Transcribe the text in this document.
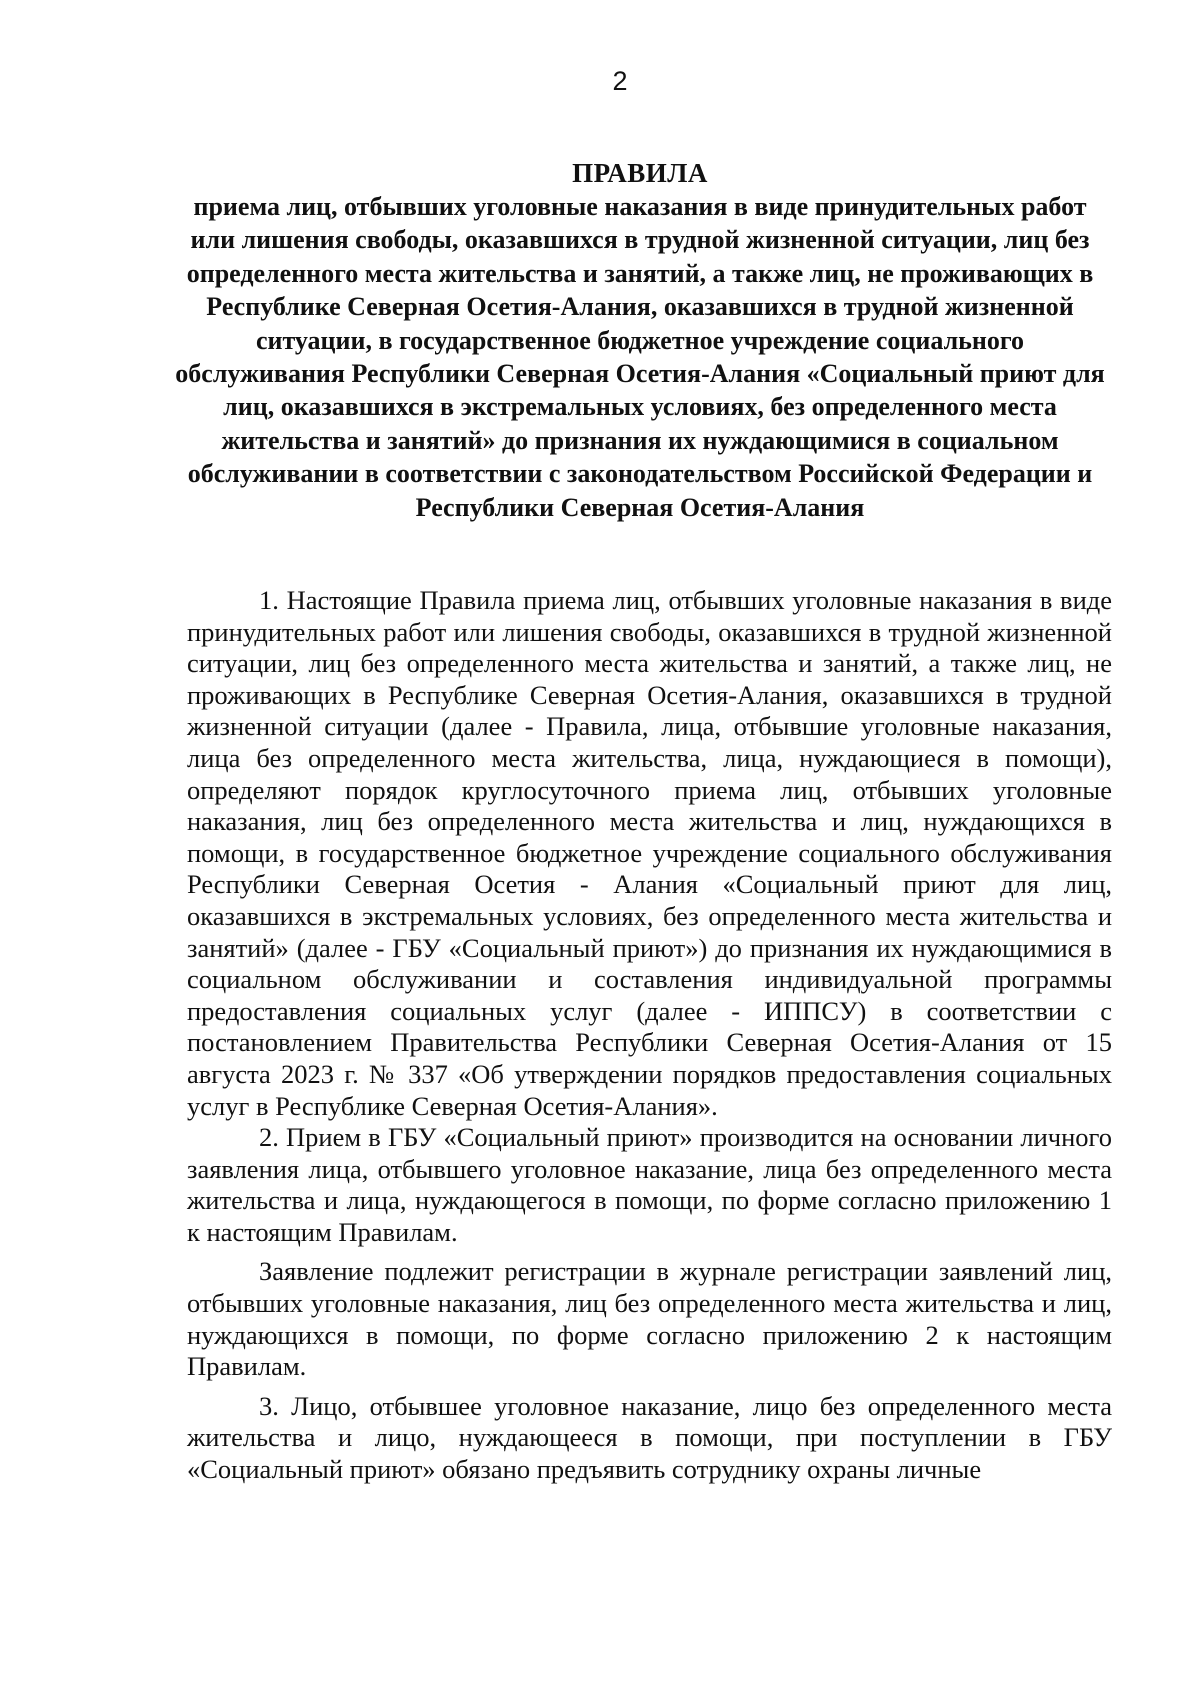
2

ПРАВИЛА

приема лиц, отбывших уголовные наказания в виде принудительных работ или лишения свободы, оказавшихся в трудной жизненной ситуации, лиц без определенного места жительства и занятий, а также лиц, не проживающих в Республике Северная Осетия-Алания, оказавшихся в трудной жизненной ситуации, в государственное бюджетное учреждение социального обслуживания Республики Северная Осетия-Алания «Социальный приют для лиц, оказавшихся в экстремальных условиях, без определенного места жительства и занятий» до признания их нуждающимися в социальном обслуживании в соответствии с законодательством Российской Федерации и Республики Северная Осетия-Алания

1. Настоящие Правила приема лиц, отбывших уголовные наказания в виде принудительных работ или лишения свободы, оказавшихся в трудной жизненной ситуации, лиц без определенного места жительства и занятий, а также лиц, не проживающих в Республике Северная Осетия-Алания, оказавшихся в трудной жизненной ситуации (далее - Правила, лица, отбывшие уголовные наказания, лица без определенного места жительства, лица, нуждающиеся в помощи), определяют порядок круглосуточного приема лиц, отбывших уголовные наказания, лиц без определенного места жительства и лиц, нуждающихся в помощи, в государственное бюджетное учреждение социального обслуживания Республики Северная Осетия - Алания «Социальный приют для лиц, оказавшихся в экстремальных условиях, без определенного места жительства и занятий» (далее - ГБУ «Социальный приют») до признания их нуждающимися в социальном обслуживании и составления индивидуальной программы предоставления социальных услуг (далее - ИППСУ) в соответствии с постановлением Правительства Республики Северная Осетия-Алания от 15 августа 2023 г. № 337 «Об утверждении порядков предоставления социальных услуг в Республике Северная Осетия-Алания».

2. Прием в ГБУ «Социальный приют» производится на основании личного заявления лица, отбывшего уголовное наказание, лица без определенного места жительства и лица, нуждающегося в помощи, по форме согласно приложению 1 к настоящим Правилам.

Заявление подлежит регистрации в журнале регистрации заявлений лиц, отбывших уголовные наказания, лиц без определенного места жительства и лиц, нуждающихся в помощи, по форме согласно приложению 2 к настоящим Правилам.

3. Лицо, отбывшее уголовное наказание, лицо без определенного места жительства и лицо, нуждающееся в помощи, при поступлении в ГБУ «Социальный приют» обязано предъявить сотруднику охраны личные
